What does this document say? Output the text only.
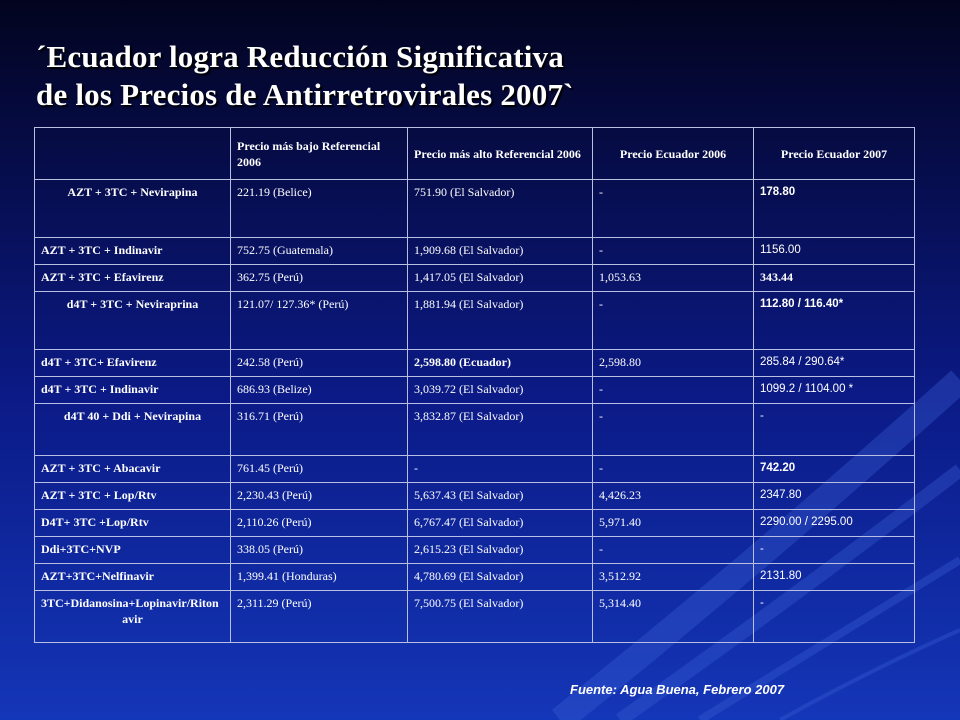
´Ecuador logra Reducción Significativa
de los Precios de Antirretrovirales 2007`
	Precio más bajo Referencial 2006	Precio más alto Referencial 2006	Precio Ecuador 2006	Precio Ecuador 2007
AZT + 3TC + Nevirapina	221.19 (Belice)	751.90 (El Salvador)	-	178.80
AZT + 3TC + Indinavir	752.75 (Guatemala)	1,909.68 (El Salvador)	-	1156.00
AZT + 3TC + Efavirenz	362.75 (Perú)	1,417.05 (El Salvador)	1,053.63	343.44
d4T + 3TC + Neviraprina	121.07/ 127.36* (Perú)	1,881.94 (El Salvador)	-	112.80 / 116.40*
d4T + 3TC+ Efavirenz	242.58 (Perú)	2,598.80 (Ecuador)	2,598.80	285.84 / 290.64*
d4T + 3TC + Indinavir	686.93 (Belize)	3,039.72 (El Salvador)	-	1099.2 / 1104.00 *
d4T 40 + Ddi + Nevirapina	316.71 (Perú)	3,832.87 (El Salvador)	-	-
AZT + 3TC + Abacavir	761.45 (Perú)	-	-	742.20
AZT + 3TC + Lop/Rtv	2,230.43 (Perú)	5,637.43 (El Salvador)	4,426.23	2347.80
D4T+ 3TC +Lop/Rtv	2,110.26 (Perú)	6,767.47 (El Salvador)	5,971.40	2290.00 / 2295.00
Ddi+3TC+NVP	338.05 (Perú)	2,615.23 (El Salvador)	-	-
AZT+3TC+Nelfinavir	1,399.41 (Honduras)	4,780.69 (El Salvador)	3,512.92	2131.80
3TC+Didanosina+Lopinavir/Ritonavir	2,311.29 (Perú)	7,500.75 (El Salvador)	5,314.40	-
Fuente: Agua Buena, Febrero 2007
